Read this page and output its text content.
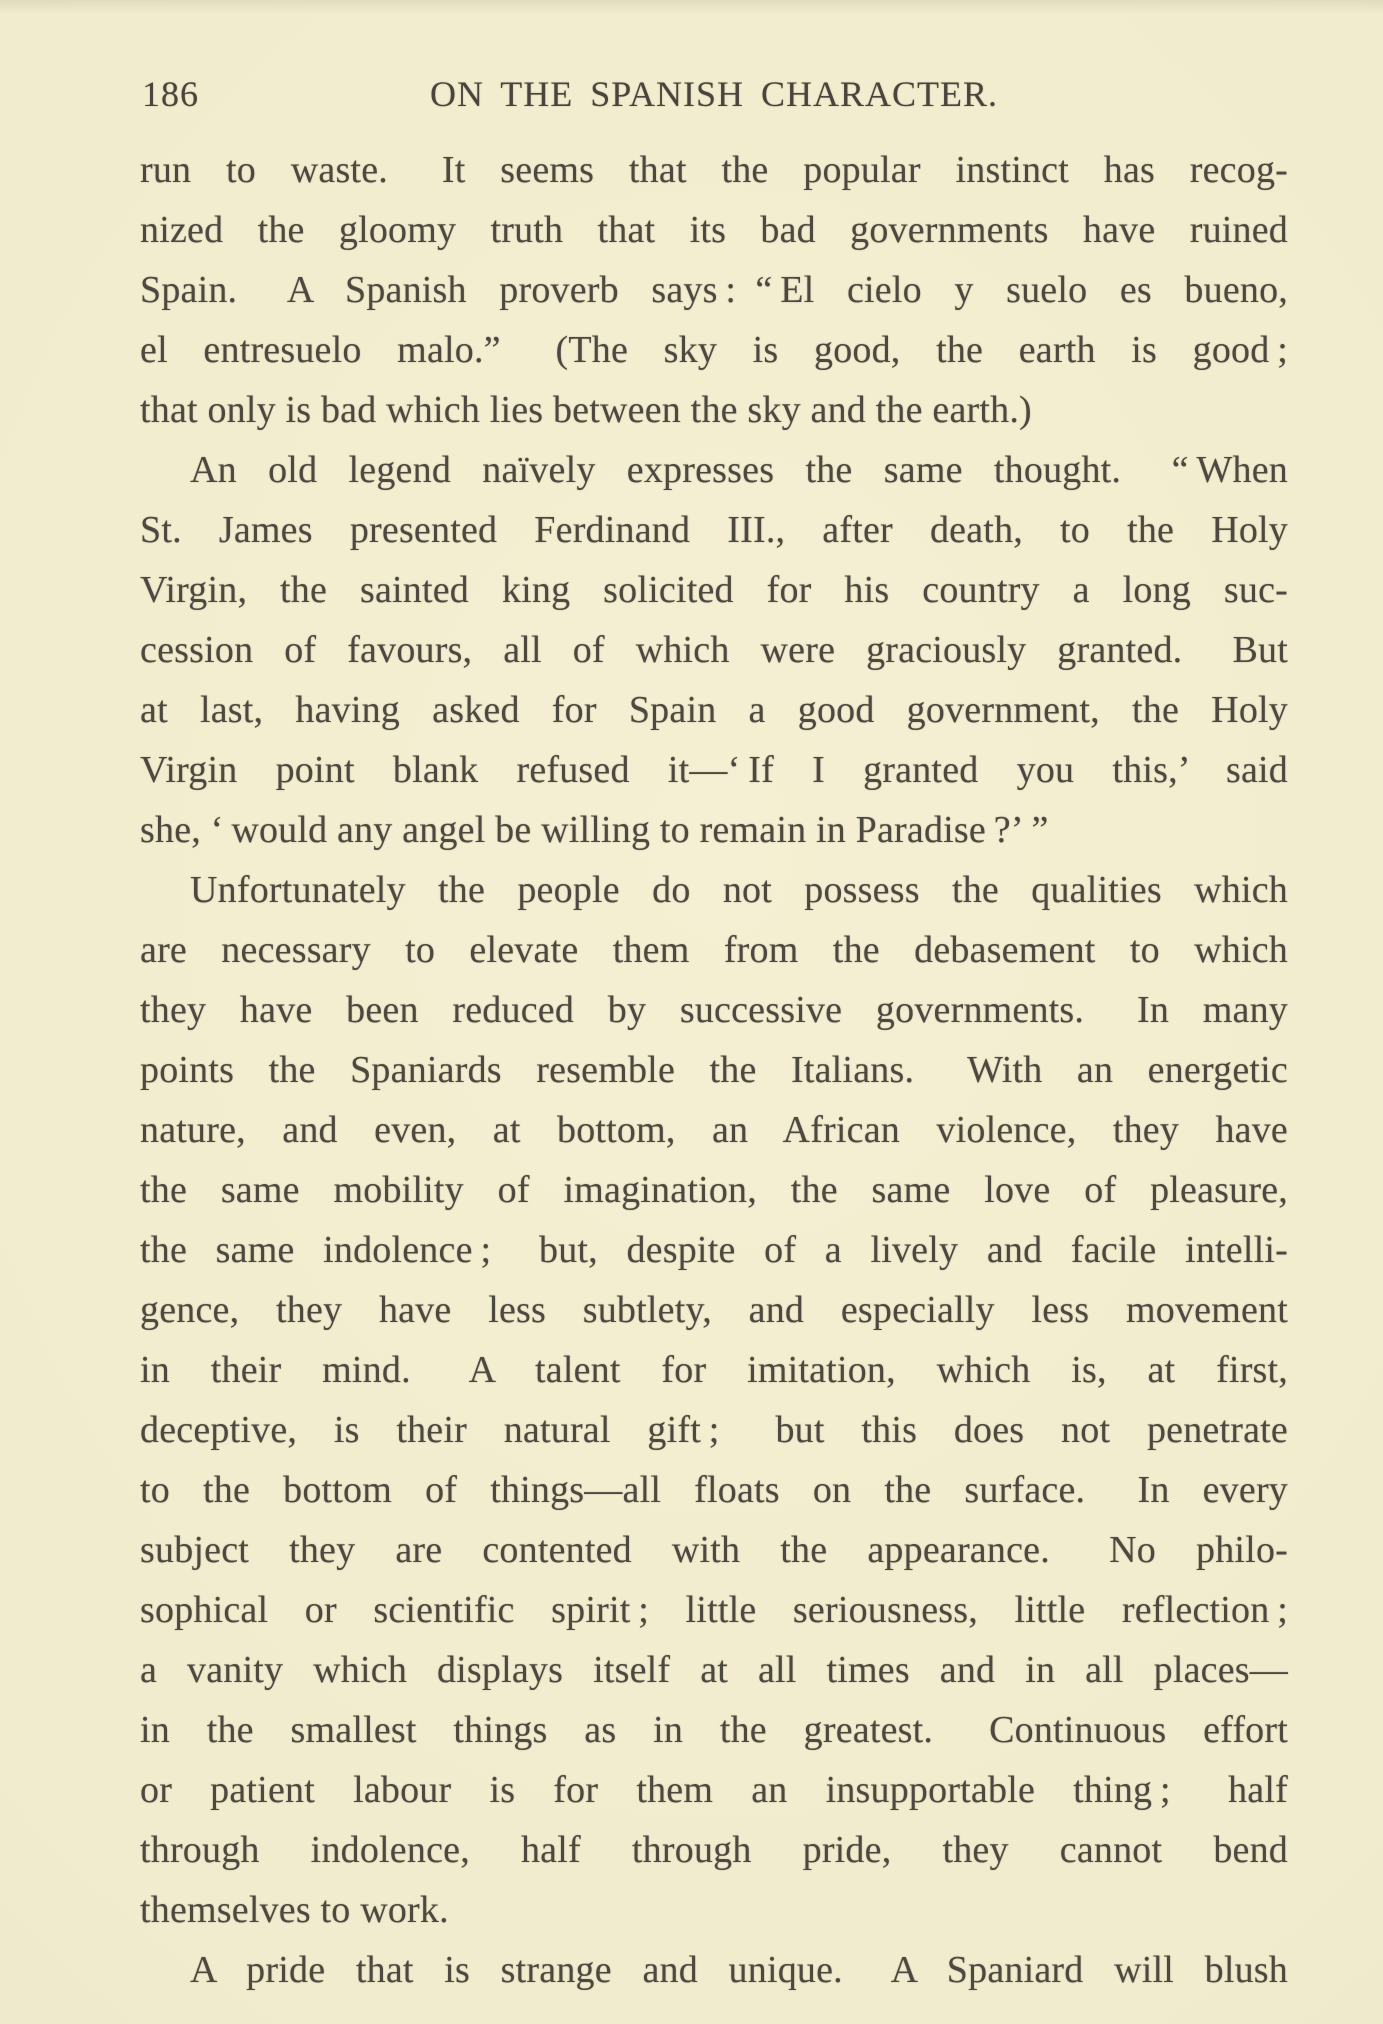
186	ON THE SPANISH CHARACTER.
run to waste.  It seems that the popular instinct has recog-
nized the gloomy truth that its bad governments have ruined
Spain.  A Spanish proverb says : “ El cielo y suelo es bueno,
el entresuelo malo.”  (The sky is good, the earth is good ;
that only is bad which lies between the sky and the earth.)
An old legend naïvely expresses the same thought.  “ When
St. James presented Ferdinand III., after death, to the Holy
Virgin, the sainted king solicited for his country a long suc-
cession of favours, all of which were graciously granted.  But
at last, having asked for Spain a good government, the Holy
Virgin point blank refused it—‘ If I granted you this,’ said
she, ‘ would any angel be willing to remain in Paradise ?’ ”
Unfortunately the people do not possess the qualities which
are necessary to elevate them from the debasement to which
they have been reduced by successive governments.  In many
points the Spaniards resemble the Italians.  With an energetic
nature, and even, at bottom, an African violence, they have
the same mobility of imagination, the same love of pleasure,
the same indolence ;  but, despite of a lively and facile intelli-
gence, they have less subtlety, and especially less movement
in their mind.  A talent for imitation, which is, at first,
deceptive, is their natural gift ;  but this does not penetrate
to the bottom of things—all floats on the surface.  In every
subject they are contented with the appearance.  No philo-
sophical or scientific spirit ; little seriousness, little reflection ;
a vanity which displays itself at all times and in all places—
in the smallest things as in the greatest.  Continuous effort
or patient labour is for them an insupportable thing ;  half
through indolence, half through pride, they cannot bend
themselves to work.
A pride that is strange and unique.  A Spaniard will blush
